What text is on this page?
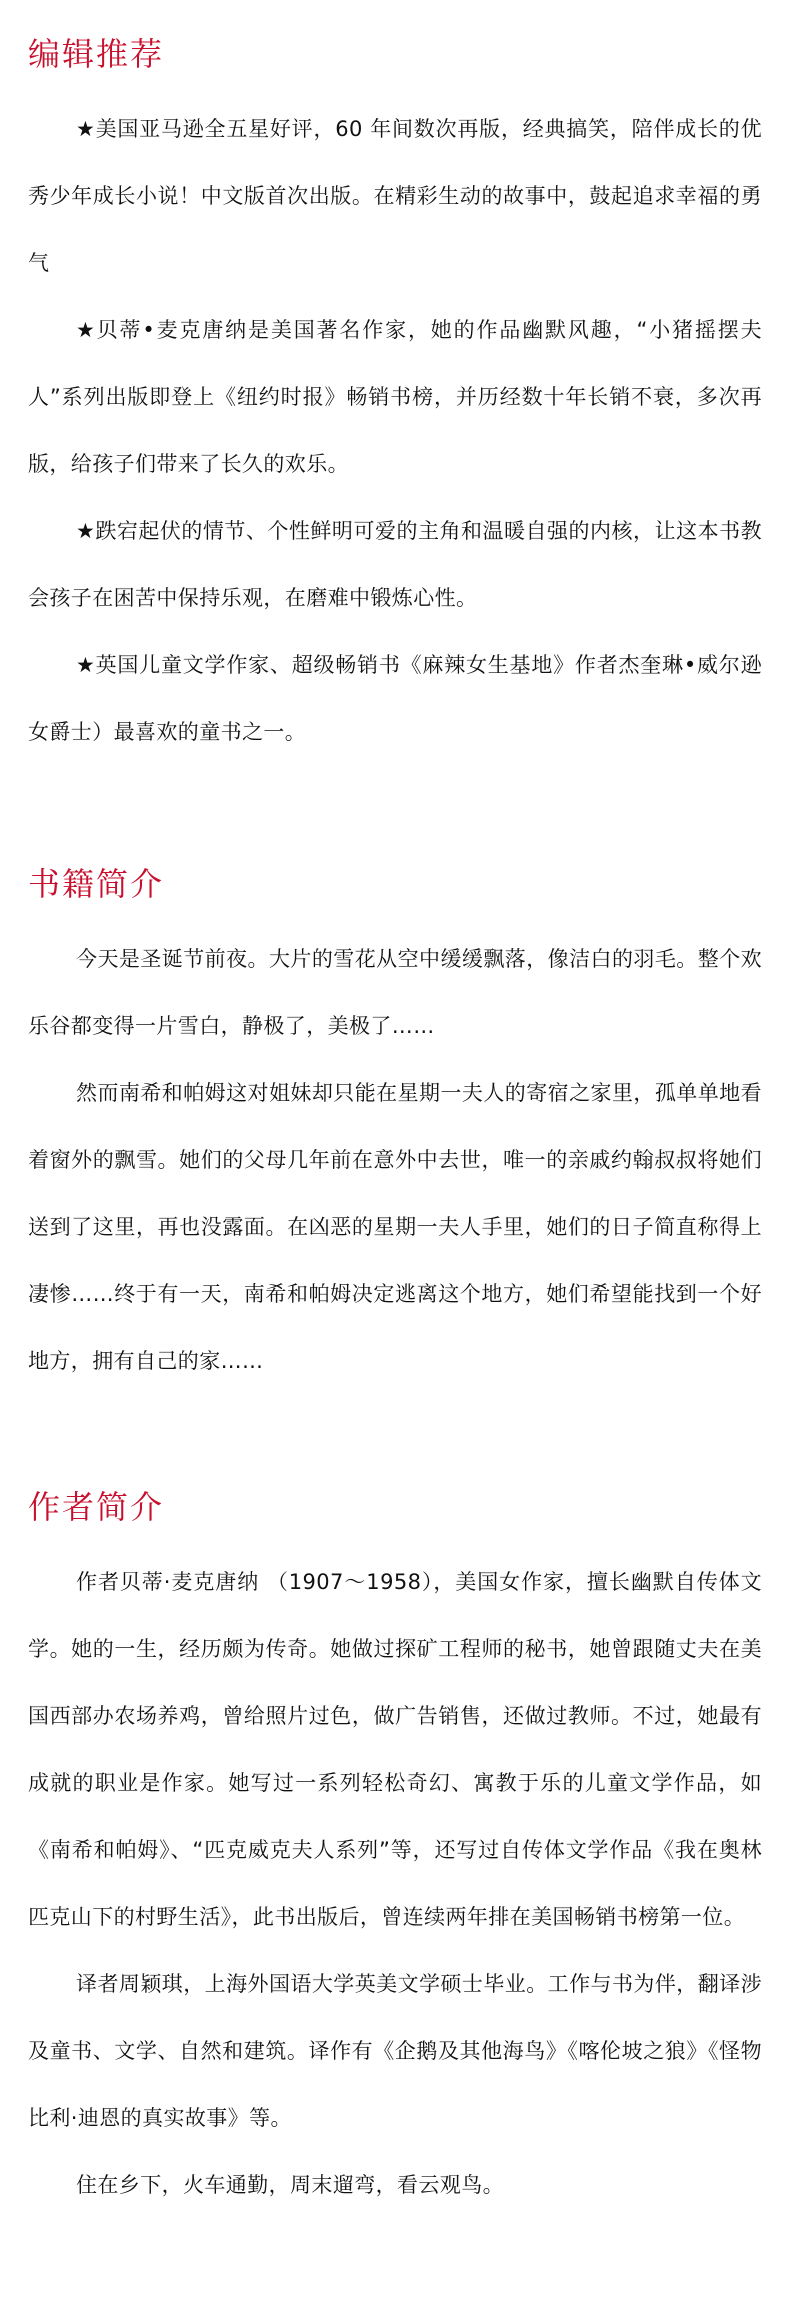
编辑推荐

★美国亚马逊全五星好评，60 年间数次再版，经典搞笑，陪伴成长的优秀少年成长小说！中文版首次出版。在精彩生动的故事中，鼓起追求幸福的勇气

★贝蒂•麦克唐纳是美国著名作家，她的作品幽默风趣，“小猪摇摆夫人”系列出版即登上《纽约时报》畅销书榜，并历经数十年长销不衰，多次再版，给孩子们带来了长久的欢乐。

★跌宕起伏的情节、个性鲜明可爱的主角和温暖自强的内核，让这本书教会孩子在困苦中保持乐观，在磨难中锻炼心性。

★英国儿童文学作家、超级畅销书《麻辣女生基地》作者杰奎琳•威尔逊女爵士）最喜欢的童书之一。

书籍简介

今天是圣诞节前夜。大片的雪花从空中缓缓飘落，像洁白的羽毛。整个欢乐谷都变得一片雪白，静极了，美极了……

然而南希和帕姆这对姐妹却只能在星期一夫人的寄宿之家里，孤单单地看着窗外的飘雪。她们的父母几年前在意外中去世，唯一的亲戚约翰叔叔将她们送到了这里，再也没露面。在凶恶的星期一夫人手里，她们的日子简直称得上凄惨……终于有一天，南希和帕姆决定逃离这个地方，她们希望能找到一个好地方，拥有自己的家……

作者简介

作者贝蒂·麦克唐纳 （1907～1958），美国女作家，擅长幽默自传体文学。她的一生，经历颇为传奇。她做过探矿工程师的秘书，她曾跟随丈夫在美国西部办农场养鸡，曾给照片过色，做广告销售，还做过教师。不过，她最有成就的职业是作家。她写过一系列轻松奇幻、寓教于乐的儿童文学作品，如《南希和帕姆》、“匹克威克夫人系列”等，还写过自传体文学作品《我在奥林匹克山下的村野生活》，此书出版后，曾连续两年排在美国畅销书榜第一位。

译者周颖琪，上海外国语大学英美文学硕士毕业。工作与书为伴，翻译涉及童书、文学、自然和建筑。译作有《企鹅及其他海鸟》《喀伦坡之狼》《怪物比利·迪恩的真实故事》等。

住在乡下，火车通勤，周末遛弯，看云观鸟。
